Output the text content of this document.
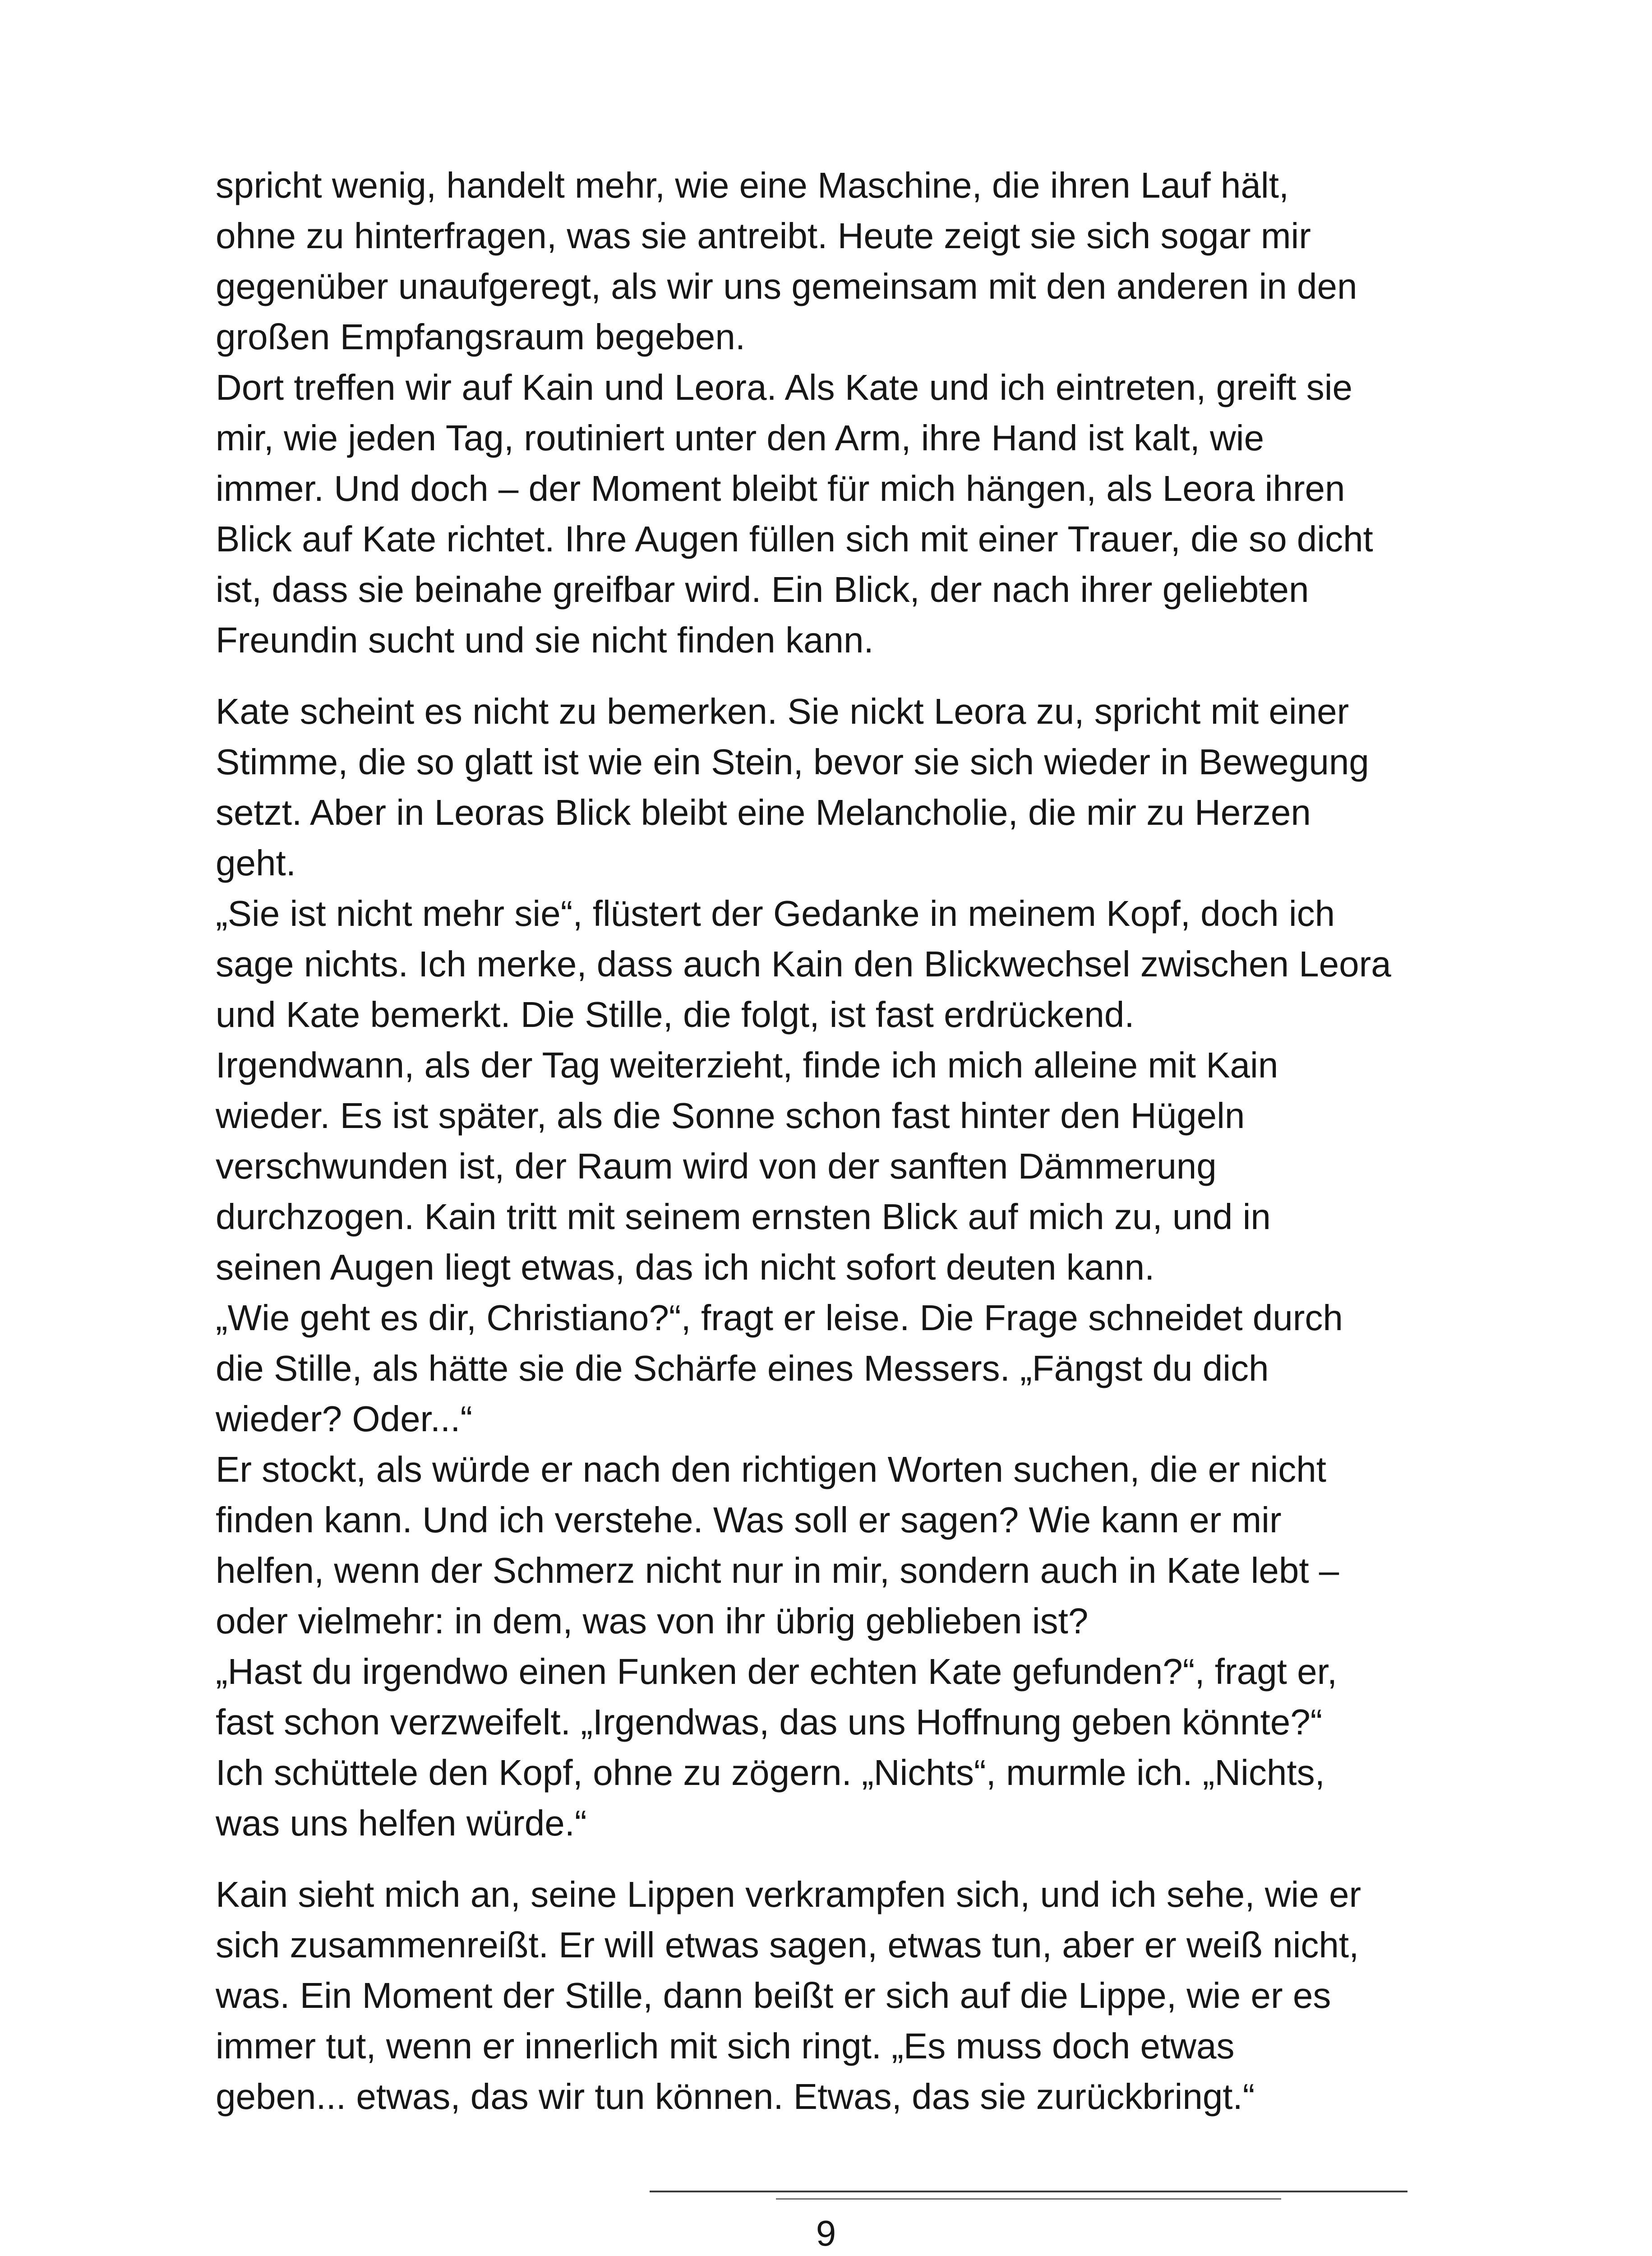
spricht wenig, handelt mehr, wie eine Maschine, die ihren Lauf hält,
ohne zu hinterfragen, was sie antreibt. Heute zeigt sie sich sogar mir
gegenüber unaufgeregt, als wir uns gemeinsam mit den anderen in den
großen Empfangsraum begeben.
Dort treffen wir auf Kain und Leora. Als Kate und ich eintreten, greift sie
mir, wie jeden Tag, routiniert unter den Arm, ihre Hand ist kalt, wie
immer. Und doch – der Moment bleibt für mich hängen, als Leora ihren
Blick auf Kate richtet. Ihre Augen füllen sich mit einer Trauer, die so dicht
ist, dass sie beinahe greifbar wird. Ein Blick, der nach ihrer geliebten
Freundin sucht und sie nicht finden kann.
Kate scheint es nicht zu bemerken. Sie nickt Leora zu, spricht mit einer
Stimme, die so glatt ist wie ein Stein, bevor sie sich wieder in Bewegung
setzt. Aber in Leoras Blick bleibt eine Melancholie, die mir zu Herzen
geht.
„Sie ist nicht mehr sie“, flüstert der Gedanke in meinem Kopf, doch ich
sage nichts. Ich merke, dass auch Kain den Blickwechsel zwischen Leora
und Kate bemerkt. Die Stille, die folgt, ist fast erdrückend.
Irgendwann, als der Tag weiterzieht, finde ich mich alleine mit Kain
wieder. Es ist später, als die Sonne schon fast hinter den Hügeln
verschwunden ist, der Raum wird von der sanften Dämmerung
durchzogen. Kain tritt mit seinem ernsten Blick auf mich zu, und in
seinen Augen liegt etwas, das ich nicht sofort deuten kann.
„Wie geht es dir, Christiano?“, fragt er leise. Die Frage schneidet durch
die Stille, als hätte sie die Schärfe eines Messers. „Fängst du dich
wieder? Oder...“
Er stockt, als würde er nach den richtigen Worten suchen, die er nicht
finden kann. Und ich verstehe. Was soll er sagen? Wie kann er mir
helfen, wenn der Schmerz nicht nur in mir, sondern auch in Kate lebt –
oder vielmehr: in dem, was von ihr übrig geblieben ist?
„Hast du irgendwo einen Funken der echten Kate gefunden?“, fragt er,
fast schon verzweifelt. „Irgendwas, das uns Hoffnung geben könnte?“
Ich schüttele den Kopf, ohne zu zögern. „Nichts“, murmle ich. „Nichts,
was uns helfen würde.“
Kain sieht mich an, seine Lippen verkrampfen sich, und ich sehe, wie er
sich zusammenreißt. Er will etwas sagen, etwas tun, aber er weiß nicht,
was. Ein Moment der Stille, dann beißt er sich auf die Lippe, wie er es
immer tut, wenn er innerlich mit sich ringt. „Es muss doch etwas
geben... etwas, das wir tun können. Etwas, das sie zurückbringt.“
9
